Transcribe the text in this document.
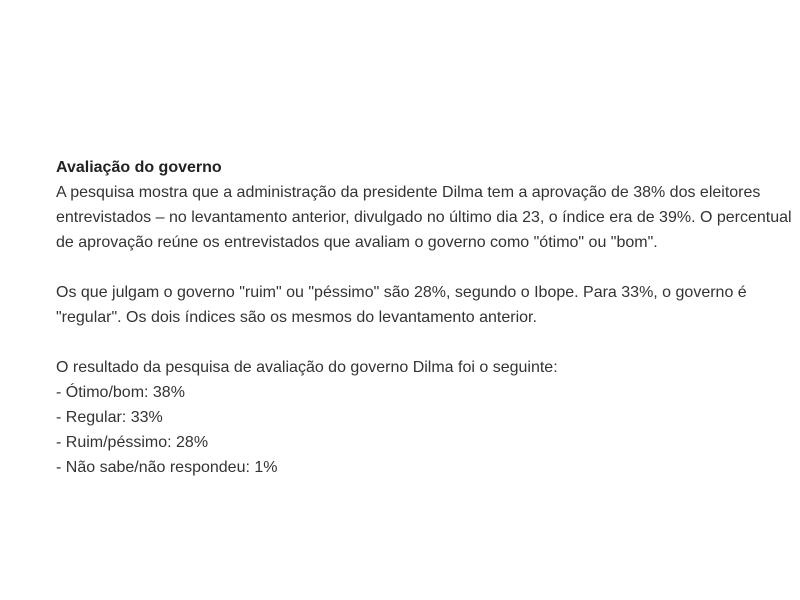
Avaliação do governo

A pesquisa mostra que a administração da presidente Dilma tem a aprovação de 38% dos eleitores entrevistados – no levantamento anterior, divulgado no último dia 23, o índice era de 39%. O percentual de aprovação reúne os entrevistados que avaliam o governo como "ótimo" ou "bom".

Os que julgam o governo "ruim" ou "péssimo" são 28%, segundo o Ibope. Para 33%, o governo é "regular". Os dois índices são os mesmos do levantamento anterior.

O resultado da pesquisa de avaliação do governo Dilma foi o seguinte:
- Ótimo/bom: 38%
- Regular: 33%
- Ruim/péssimo: 28%
- Não sabe/não respondeu: 1%
